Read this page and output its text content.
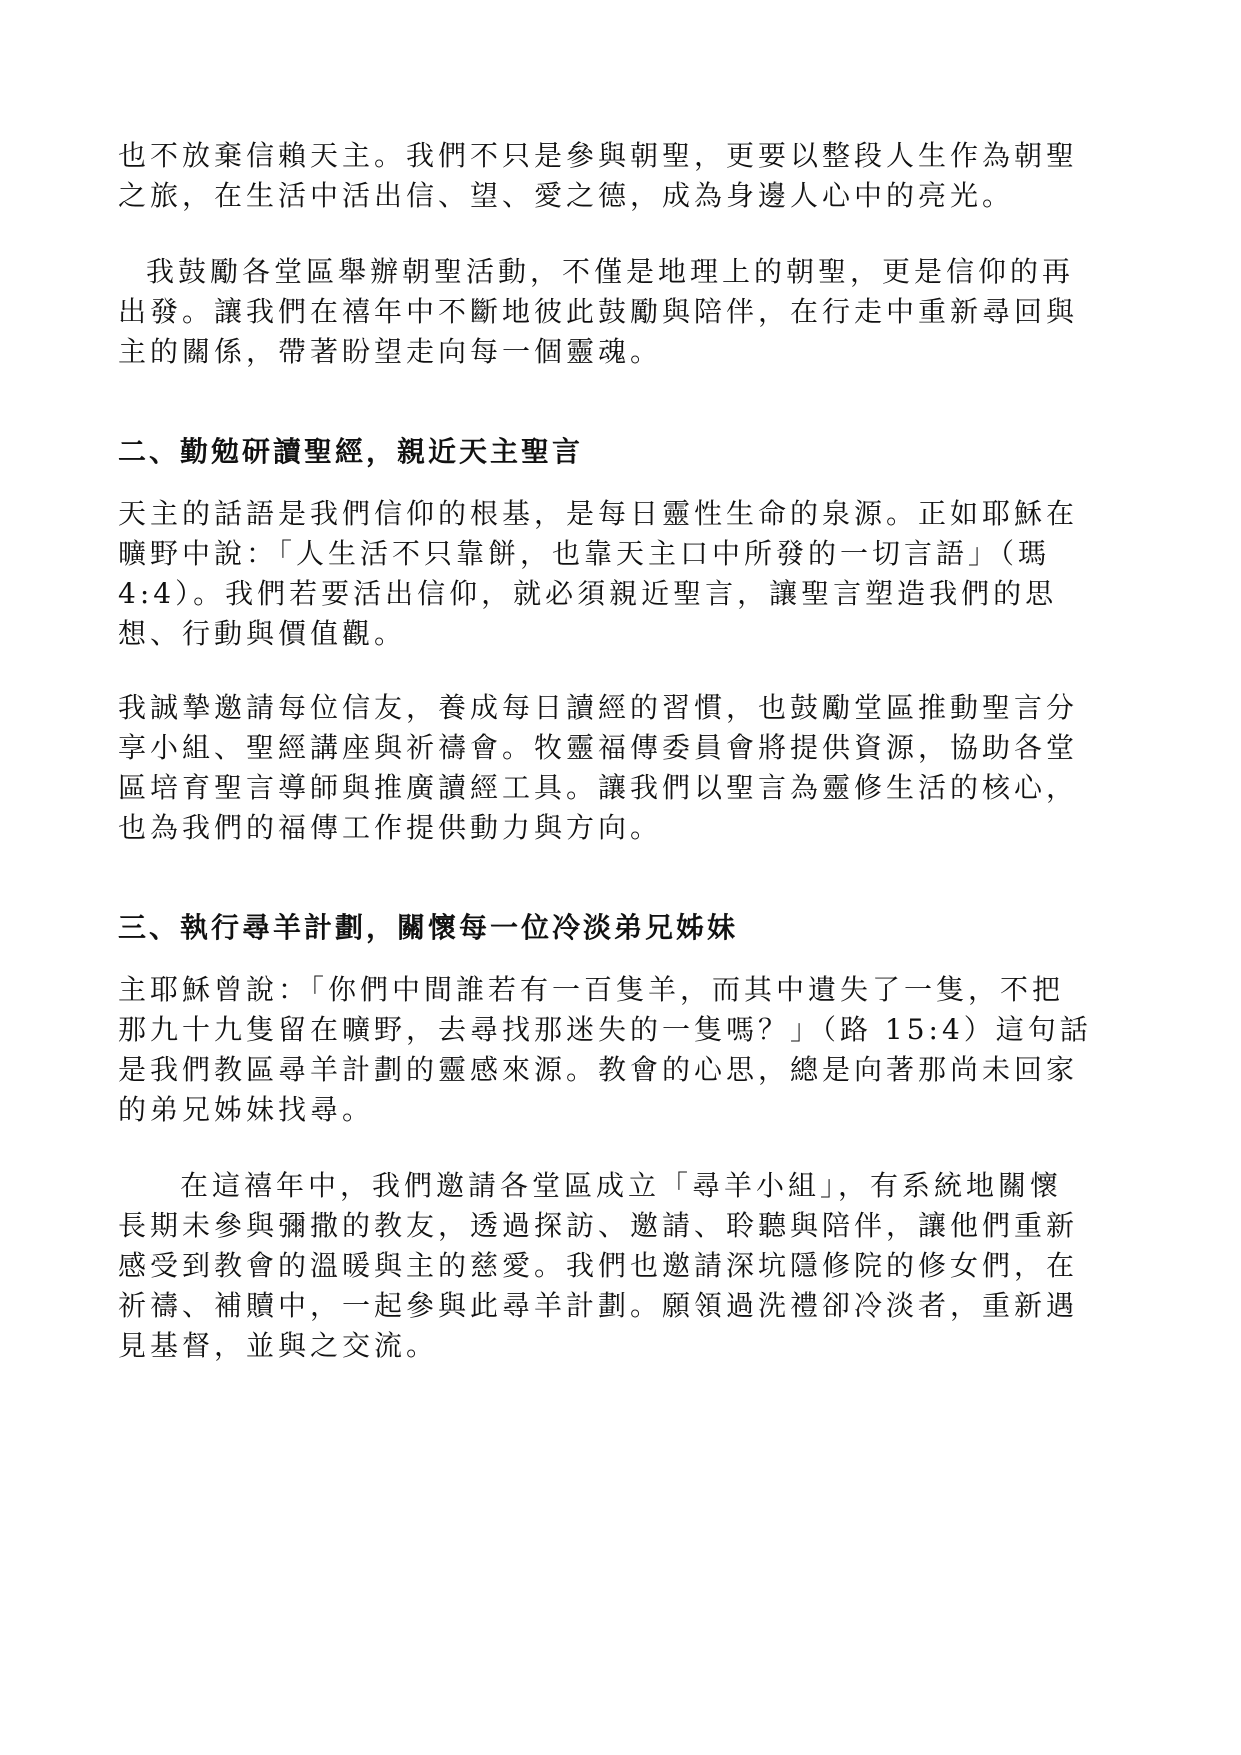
也不放棄信賴天主。我們不只是參與朝聖，更要以整段人生作為朝聖

之旅，在生活中活出信、望、愛之德，成為身邊人心中的亮光。

我鼓勵各堂區舉辦朝聖活動，不僅是地理上的朝聖，更是信仰的再

出發。讓我們在禧年中不斷地彼此鼓勵與陪伴，在行走中重新尋回與

主的關係，帶著盼望走向每一個靈魂。

二、勤勉研讀聖經，親近天主聖言

天主的話語是我們信仰的根基，是每日靈性生命的泉源。正如耶穌在

曠野中說：「人生活不只靠餅，也靠天主口中所發的一切言語」（瑪

4:4）。我們若要活出信仰，就必須親近聖言，讓聖言塑造我們的思

想、行動與價值觀。

我誠摯邀請每位信友，養成每日讀經的習慣，也鼓勵堂區推動聖言分

享小組、聖經講座與祈禱會。牧靈福傳委員會將提供資源，協助各堂

區培育聖言導師與推廣讀經工具。讓我們以聖言為靈修生活的核心，

也為我們的福傳工作提供動力與方向。

三、執行尋羊計劃，關懷每一位冷淡弟兄姊妹

主耶穌曾說：「你們中間誰若有一百隻羊，而其中遺失了一隻，不把

那九十九隻留在曠野，去尋找那迷失的一隻嗎？」（路 15:4）這句話

是我們教區尋羊計劃的靈感來源。教會的心思，總是向著那尚未回家

的弟兄姊妹找尋。

在這禧年中，我們邀請各堂區成立「尋羊小組」，有系統地關懷

長期未參與彌撒的教友，透過探訪、邀請、聆聽與陪伴，讓他們重新

感受到教會的溫暖與主的慈愛。我們也邀請深坑隱修院的修女們，在

祈禱、補贖中，一起參與此尋羊計劃。願領過洗禮卻冷淡者，重新遇

見基督，並與之交流。
